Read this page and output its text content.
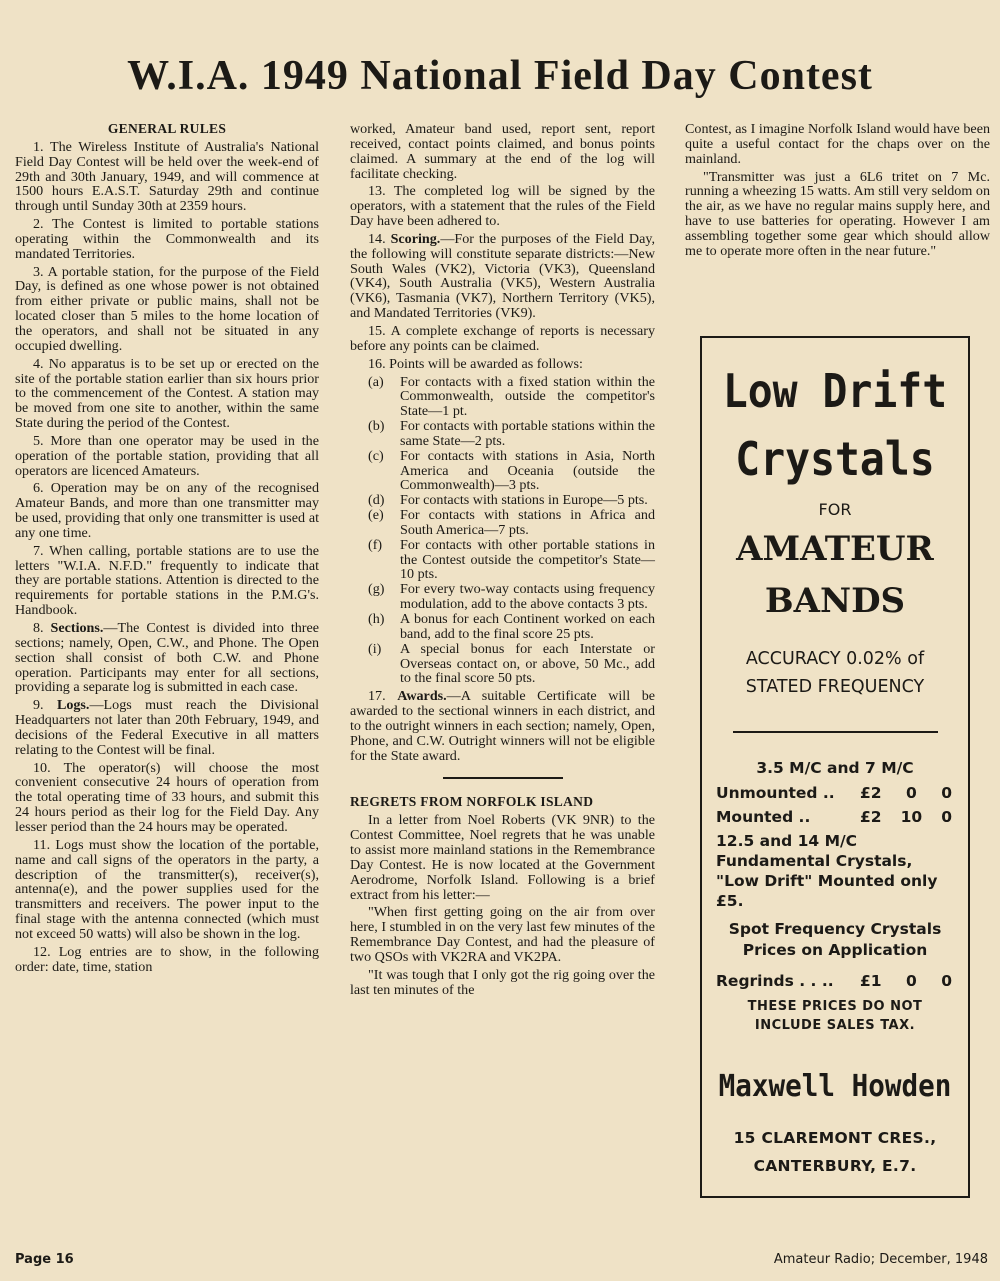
W.I.A. 1949 National Field Day Contest
GENERAL RULES

1. The Wireless Institute of Australia's National Field Day Contest will be held over the week-end of 29th and 30th January, 1949, and will commence at 1500 hours E.A.S.T. Saturday 29th and continue through until Sunday 30th at 2359 hours.

2. The Contest is limited to portable stations operating within the Commonwealth and its mandated Territories.

3. A portable station, for the purpose of the Field Day, is defined as one whose power is not obtained from either private or public mains, shall not be located closer than 5 miles to the home location of the operators, and shall not be situated in any occupied dwelling.

4. No apparatus is to be set up or erected on the site of the portable station earlier than six hours prior to the commencement of the Contest. A station may be moved from one site to another, within the same State during the period of the Contest.

5. More than one operator may be used in the operation of the portable station, providing that all operators are licenced Amateurs.

6. Operation may be on any of the recognised Amateur Bands, and more than one transmitter may be used, providing that only one transmitter is used at any one time.

7. When calling, portable stations are to use the letters "W.I.A. N.F.D." frequently to indicate that they are portable stations. Attention is directed to the requirements for portable stations in the P.M.G's. Handbook.

8. Sections.—The Contest is divided into three sections; namely, Open, C.W., and Phone. The Open section shall consist of both C.W. and Phone operation. Participants may enter for all sections, providing a separate log is submitted in each case.

9. Logs.—Logs must reach the Divisional Headquarters not later than 20th February, 1949, and decisions of the Federal Executive in all matters relating to the Contest will be final.

10. The operator(s) will choose the most convenient consecutive 24 hours of operation from the total operating time of 33 hours, and submit this 24 hours period as their log for the Field Day. Any lesser period than the 24 hours may be operated.

11. Logs must show the location of the portable, name and call signs of the operators in the party, a description of the transmitter(s), receiver(s), antenna(e), and the power supplies used for the transmitters and receivers. The power input to the final stage with the antenna connected (which must not exceed 50 watts) will also be shown in the log.

12. Log entries are to show, in the following order: date, time, station

worked, Amateur band used, report sent, report received, contact points claimed, and bonus points claimed. A summary at the end of the log will facilitate checking.

13. The completed log will be signed by the operators, with a statement that the rules of the Field Day have been adhered to.

14. Scoring.—For the purposes of the Field Day, the following will constitute separate districts:—New South Wales (VK2), Victoria (VK3), Queensland (VK4), South Australia (VK5), Western Australia (VK6), Tasmania (VK7), Northern Territory (VK5), and Mandated Territories (VK9).

15. A complete exchange of reports is necessary before any points can be claimed.

16. Points will be awarded as follows:

(a)	For contacts with a fixed station within the Commonwealth, outside the competitor's State—1 pt.
(b)	For contacts with portable stations within the same State—2 pts.
(c)	For contacts with stations in Asia, North America and Oceania (outside the Commonwealth)—3 pts.
(d)	For contacts with stations in Europe—5 pts.
(e)	For contacts with stations in Africa and South America—7 pts.
(f)	For contacts with other portable stations in the Contest outside the competitor's State—10 pts.
(g)	For every two-way contacts using frequency modulation, add to the above contacts 3 pts.
(h)	A bonus for each Continent worked on each band, add to the final score 25 pts.
(i)	A special bonus for each Interstate or Overseas contact on, or above, 50 Mc., add to the final score 50 pts.

17. Awards.—A suitable Certificate will be awarded to the sectional winners in each district, and to the outright winners in each section; namely, Open, Phone, and C.W. Outright winners will not be eligible for the State award.

REGRETS FROM NORFOLK ISLAND

In a letter from Noel Roberts (VK 9NR) to the Contest Committee, Noel regrets that he was unable to assist more mainland stations in the Remembrance Day Contest. He is now located at the Government Aerodrome, Norfolk Island. Following is a brief extract from his letter:—

"When first getting going on the air from over here, I stumbled in on the very last few minutes of the Remembrance Day Contest, and had the pleasure of two QSOs with VK2RA and VK2PA.

"It was tough that I only got the rig going over the last ten minutes of the

Contest, as I imagine Norfolk Island would have been quite a useful contact for the chaps over on the mainland.

"Transmitter was just a 6L6 tritet on 7 Mc. running a wheezing 15 watts. Am still very seldom on the air, as we have no regular mains supply here, and have to use batteries for operating. However I am assembling together some gear which should allow me to operate more often in the near future."

Low Drift
Crystals
FOR
AMATEUR
BANDS
ACCURACY 0.02% of
STATED FREQUENCY
3.5 M/C and 7 M/C
Unmounted ..	£2 0 0
Mounted ..	£2 10 0
12.5 and 14 M/C Fundamental Crystals, "Low Drift" Mounted only £5.
Spot Frequency Crystals
Prices on Application
Regrinds . . ..	£1 0 0
THESE PRICES DO NOT
INCLUDE SALES TAX.
Maxwell Howden
15 CLAREMONT CRES.,
CANTERBURY, E.7.
Page 16	Amateur Radio; December, 1948
